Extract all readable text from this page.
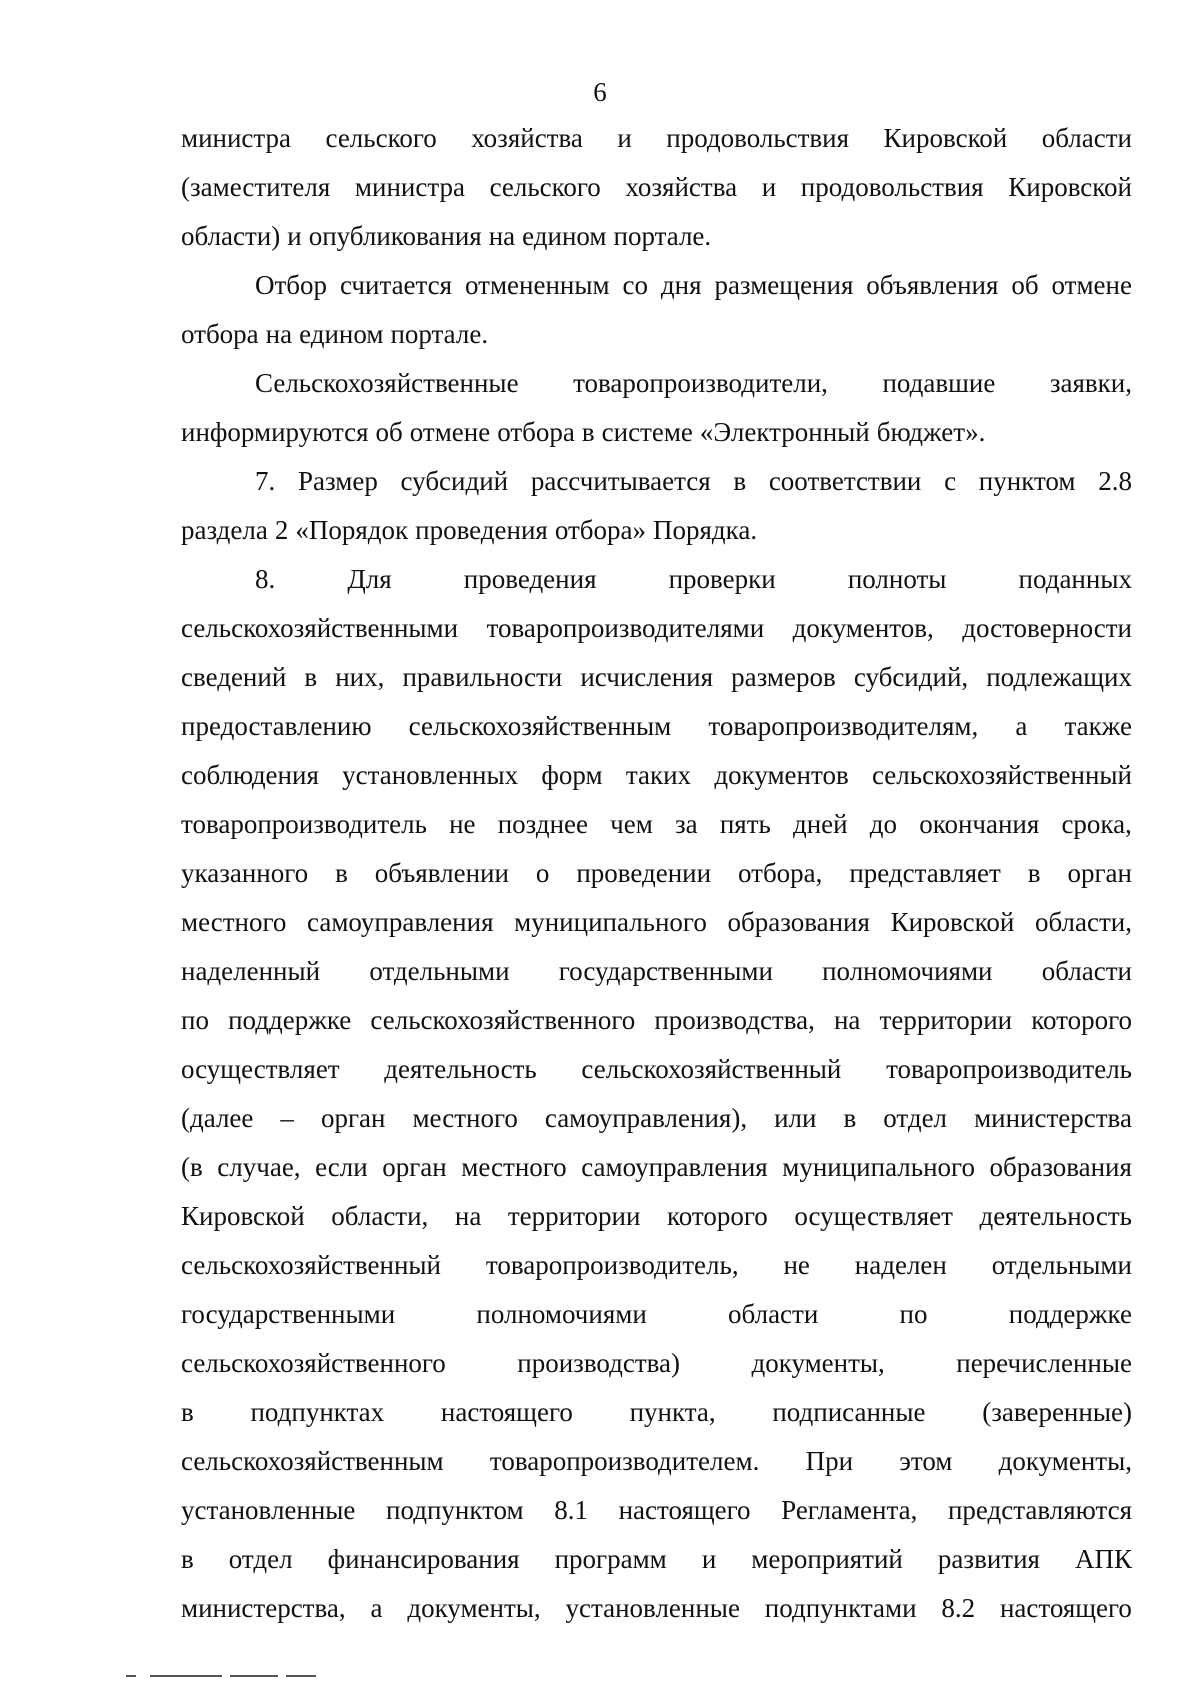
6
министра сельского хозяйства и продовольствия Кировской области
(заместителя министра сельского хозяйства и продовольствия Кировской
области) и опубликования на едином портале.
Отбор считается отмененным со дня размещения объявления об отмене
отбора на едином портале.
Сельскохозяйственные товаропроизводители, подавшие заявки,
информируются об отмене отбора в системе «Электронный бюджет».
7. Размер субсидий рассчитывается в соответствии с пунктом 2.8
раздела 2 «Порядок проведения отбора» Порядка.
8.	Для	проведения	проверки	полноты	поданных
сельскохозяйственными товаропроизводителями документов, достоверности
сведений в них, правильности исчисления размеров субсидий, подлежащих
предоставлению сельскохозяйственным товаропроизводителям, а также
соблюдения установленных форм таких документов сельскохозяйственный
товаропроизводитель не позднее чем за пять дней до окончания срока,
указанного в объявлении о проведении отбора, представляет в орган
местного самоуправления муниципального образования Кировской области,
наделенный отдельными государственными полномочиями области
по поддержке сельскохозяйственного производства, на территории которого
осуществляет деятельность сельскохозяйственный товаропроизводитель
(далее – орган местного самоуправления), или в отдел министерства
(в случае, если орган местного самоуправления муниципального образования
Кировской области, на территории которого осуществляет деятельность
сельскохозяйственный товаропроизводитель, не наделен отдельными
государственными	полномочиями	области	по	поддержке
сельскохозяйственного	производства)	документы,	перечисленные
в подпунктах настоящего пункта, подписанные (заверенные)
сельскохозяйственным товаропроизводителем. При этом документы,
установленные подпунктом 8.1 настоящего Регламента, представляются
в отдел финансирования программ и мероприятий развития АПК
министерства, а документы, установленные подпунктами 8.2 настоящего
